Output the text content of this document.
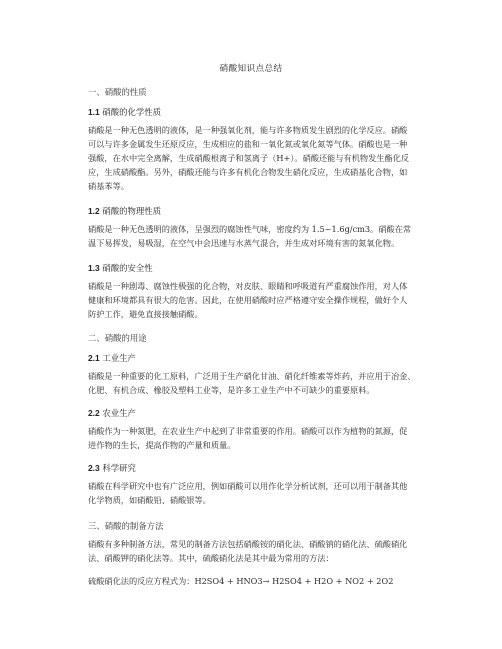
硝酸知识点总结
一、硝酸的性质
1.1 硝酸的化学性质
硝酸是一种无色透明的液体，是一种强氧化剂，能与许多物质发生剧烈的化学反应。硝酸
可以与许多金属发生还原反应，生成相应的盐和一氧化氮或氧化氮等气体。硝酸也是一种
强酸，在水中完全离解，生成硝酸根离子和氢离子（H+）。硝酸还能与有机物发生酯化反
应，生成硝酸酯。另外，硝酸还能与许多有机化合物发生硝化反应，生成硝基化合物，如
硝基苯等。
1.2 硝酸的物理性质
硝酸是一种无色透明的液体，呈强烈的腐蚀性气味，密度约为 1.5~1.6g/cm3。硝酸在常
温下易挥发，易吸湿，在空气中会迅速与水蒸气混合，并生成对环境有害的氮氧化物。
1.3 硝酸的安全性
硝酸是一种剧毒、腐蚀性极强的化合物，对皮肤、眼睛和呼吸道有严重腐蚀作用，对人体
健康和环境都具有很大的危害。因此，在使用硝酸时应严格遵守安全操作规程，做好个人
防护工作，避免直接接触硝酸。
二、硝酸的用途
2.1 工业生产
硝酸是一种重要的化工原料，广泛用于生产硝化甘油、硝化纤维素等炸药，并应用于冶金、
化肥、有机合成、橡胶及塑料工业等，是许多工业生产中不可缺少的重要原料。
2.2 农业生产
硝酸作为一种氮肥，在农业生产中起到了非常重要的作用。硝酸可以作为植物的氮源，促
进作物的生长，提高作物的产量和质量。
2.3 科学研究
硝酸在科学研究中也有广泛应用，例如硝酸可以用作化学分析试剂，还可以用于制备其他
化学物质，如硝酸铅、硝酸银等。
三、硝酸的制备方法
硝酸有多种制备方法，常见的制备方法包括硝酸铵的硝化法、硝酸钠的硝化法、硫酸硝化
法、硝酸钾的硝化法等。其中，硫酸硝化法是其中最为常用的方法：
硫酸硝化法的反应方程式为：H2SO4 + HNO3→ H2SO4 + H2O + NO2 + 2O2
